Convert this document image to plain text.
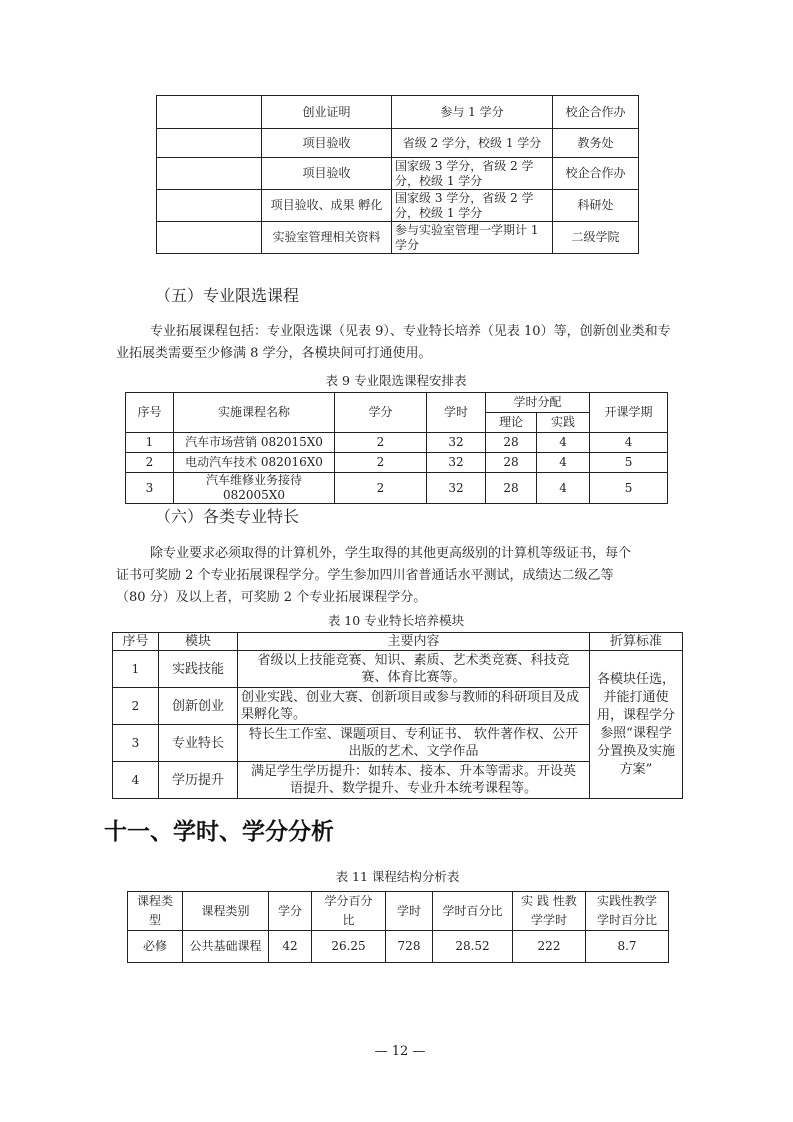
	创业证明	参与 1 学分	校企合作办
	项目验收	省级 2 学分，校级 1 学分	教务处
	项目验收	国家级 3 学分，省级 2 学分，校级 1 学分	校企合作办
	项目验收、成果 孵化	国家级 3 学分，省级 2 学分，校级 1 学分	科研处
	实验室管理相关资料	参与实验室管理一学期计 1 学分	二级学院
（五）专业限选课程
专业拓展课程包括：专业限选课（见表 9）、专业特长培养（见表 10）等，创新创业类和专业拓展类需要至少修满 8 学分，各模块间可打通使用。
表 9 专业限选课程安排表
序号	实施课程名称	学分	学时	学时分配		开课学期
				理论	实践	
1	汽车市场营销 082015X0	2	32	28	4	4
2	电动汽车技术 082016X0	2	32	28	4	5
3	汽车维修业务接待 082005X0	2	32	28	4	5
（六）各类专业特长
除专业要求必须取得的计算机外，学生取得的其他更高级别的计算机等级证书，每个
证书可奖励 2 个专业拓展课程学分。学生参加四川省普通话水平测试，成绩达二级乙等
（80 分）及以上者，可奖励 2 个专业拓展课程学分。
表 10 专业特长培养模块
序号	模块	主要内容	折算标准
1	实践技能	省级以上技能竞赛、知识、素质、艺术类竞赛、科技竞赛、体育比赛等。	各模块任选，并能打通使用，课程学分参照“课程学分置换及实施方案”
2	创新创业	创业实践、创业大赛、创新项目或参与教师的科研项目及成果孵化等。	
3	专业特长	特长生工作室、课题项目、专利证书、 软件著作权、公开出版的艺术、文学作品	
4	学历提升	满足学生学历提升：如转本、接本、升本等需求。开设英语提升、数学提升、专业升本统考课程等。	
十一、学时、学分分析
表 11 课程结构分析表
课程类型	课程类别	学分	学分百分比	学时	学时百分比	实 践 性教学学时	实践性教学学时百分比
必修	公共基础课程	42	26.25	728	28.52	222	8.7
— 12 —
